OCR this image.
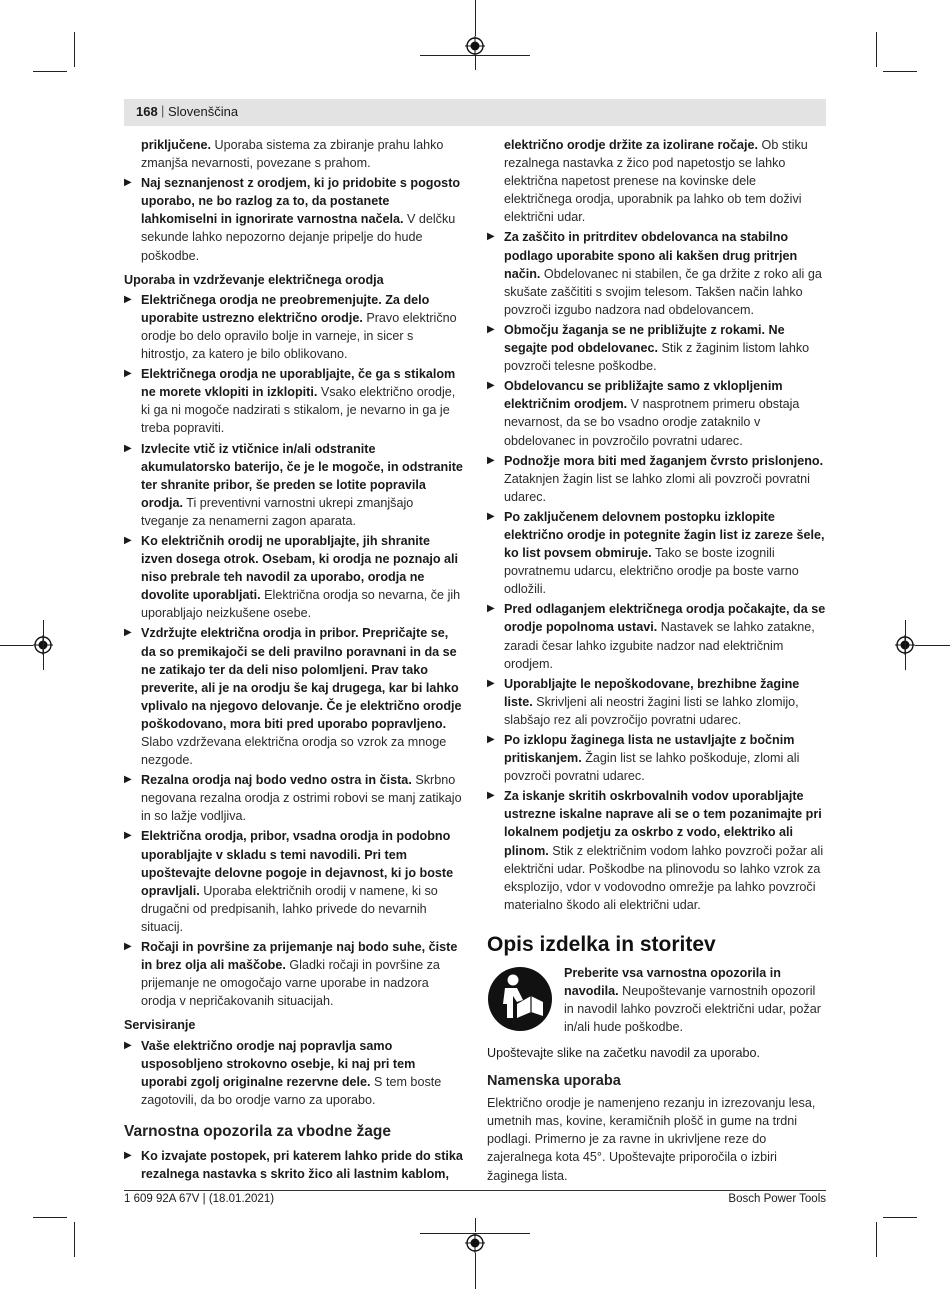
168 | Slovenščina

priključene. Uporaba sistema za zbiranje prahu lahko zmanjša nevarnosti, povezane s prahom.

▶ Naj seznanjenost z orodjem, ki jo pridobite s pogosto uporabo, ne bo razlog za to, da postanete lahkomiselni in ignorirate varnostna načela. V delčku sekunde lahko nepozorno dejanje pripelje do hude poškodbe.
Uporaba in vzdrževanje električnega orodja
▶ Električnega orodja ne preobremenjujte. Za delo uporabite ustrezno električno orodje. Pravo električno orodje bo delo opravilo bolje in varneje, in sicer s hitrostjo, za katero je bilo oblikovano.
▶ Električnega orodja ne uporabljajte, če ga s stikalom ne morete vklopiti in izklopiti. Vsako električno orodje, ki ga ni mogoče nadzirati s stikalom, je nevarno in ga je treba popraviti.
▶ Izvlecite vtič iz vtičnice in/ali odstranite akumulatorsko baterijo, če je le mogoče, in odstranite ter shranite pribor, še preden se lotite popravila orodja. Ti preventivni varnostni ukrepi zmanjšajo tveganje za nenamerni zagon aparata.
▶ Ko električnih orodij ne uporabljajte, jih shranite izven dosega otrok. Osebam, ki orodja ne poznajo ali niso prebrale teh navodil za uporabo, orodja ne dovolite uporabljati. Električna orodja so nevarna, če jih uporabljajo neizkušene osebe.
▶ Vzdržujte električna orodja in pribor. Prepričajte se, da so premikajoči se deli pravilno poravnani in da se ne zatikajo ter da deli niso polomljeni. Prav tako preverite, ali je na orodju še kaj drugega, kar bi lahko vplivalo na njegovo delovanje. Če je električno orodje poškodovano, mora biti pred uporabo popravljeno. Slabo vzdrževana električna orodja so vzrok za mnoge nezgode.
▶ Rezalna orodja naj bodo vedno ostra in čista. Skrbno negovana rezalna orodja z ostrimi robovi se manj zatikajo in so lažje vodljiva.
▶ Električna orodja, pribor, vsadna orodja in podobno uporabljajte v skladu s temi navodili. Pri tem upoštevajte delovne pogoje in dejavnost, ki jo boste opravljali. Uporaba električnih orodij v namene, ki so drugačni od predpisanih, lahko privede do nevarnih situacij.
▶ Ročaji in površine za prijemanje naj bodo suhe, čiste in brez olja ali maščobe. Gladki ročaji in površine za prijemanje ne omogočajo varne uporabe in nadzora orodja v nepričakovanih situacijah.
Servisiranje
▶ Vaše električno orodje naj popravlja samo usposobljeno strokovno osebje, ki naj pri tem uporabi zgolj originalne rezervne dele. S tem boste zagotovili, da bo orodje varno za uporabo.
Varnostna opozorila za vbodne žage
▶ Ko izvajate postopek, pri katerem lahko pride do stika rezalnega nastavka s skrito žico ali lastnim kablom,

električno orodje držite za izolirane ročaje. Ob stiku rezalnega nastavka z žico pod napetostjo se lahko električna napetost prenese na kovinske dele električnega orodja, uporabnik pa lahko ob tem doživi električni udar.

▶ Za zaščito in pritrditev obdelovanca na stabilno podlago uporabite spono ali kakšen drug pritrjen način. Obdelovanec ni stabilen, če ga držite z roko ali ga skušate zaščititi s svojim telesom. Takšen način lahko povzroči izgubo nadzora nad obdelovancem.
▶ Območju žaganja se ne približujte z rokami. Ne segajte pod obdelovanec. Stik z žaginim listom lahko povzroči telesne poškodbe.
▶ Obdelovancu se približajte samo z vklopljenim električnim orodjem. V nasprotnem primeru obstaja nevarnost, da se bo vsadno orodje zataknilo v obdelovanec in povzročilo povratni udarec.
▶ Podnožje mora biti med žaganjem čvrsto prislonjeno. Zataknjen žagin list se lahko zlomi ali povzroči povratni udarec.
▶ Po zaključenem delovnem postopku izklopite električno orodje in potegnite žagin list iz zareze šele, ko list povsem obmiruje. Tako se boste izognili povratnemu udarcu, električno orodje pa boste varno odložili.
▶ Pred odlaganjem električnega orodja počakajte, da se orodje popolnoma ustavi. Nastavek se lahko zataknе, zaradi česar lahko izgubite nadzor nad električnim orodjem.
▶ Uporabljajte le nepoškodovane, brezhibne žagine liste. Skrivljeni ali neostri žagini listi se lahko zlomijo, slabšajo rez ali povzročijo povratni udarec.
▶ Po izklopu žaginega lista ne ustavljajte z bočnim pritiskanjem. Žagin list se lahko poškoduje, zlomi ali povzroči povratni udarec.
▶ Za iskanje skritih oskrbovalnih vodov uporabljajte ustrezne iskalne naprave ali se o tem pozanimajte pri lokalnem podjetju za oskrbo z vodo, elektriko ali plinom. Stik z električnim vodom lahko povzroči požar ali električni udar. Poškodbe na plinovodu so lahko vzrok za eksplozijo, vdor v vodovodno omrežje pa lahko povzroči materialno škodo ali električni udar.
Opis izdelka in storitev
Preberite vsa varnostna opozorila in navodila. Neupoštevanje varnostnih opozoril in navodil lahko povzroči električni udar, požar in/ali hude poškodbe.

Upoštevajte slike na začetku navodil za uporabo.

Namenska uporaba

Električno orodje je namenjeno rezanju in izrezovanju lesa, umetnih mas, kovine, keramičnih plošč in gume na trdni podlagi. Primerno je za ravne in ukrivljene reze do zajeralnega kota 45°. Upoštevajte priporočila o izbiri žaginega lista.

1 609 92A 67V | (18.01.2021)	Bosch Power Tools
